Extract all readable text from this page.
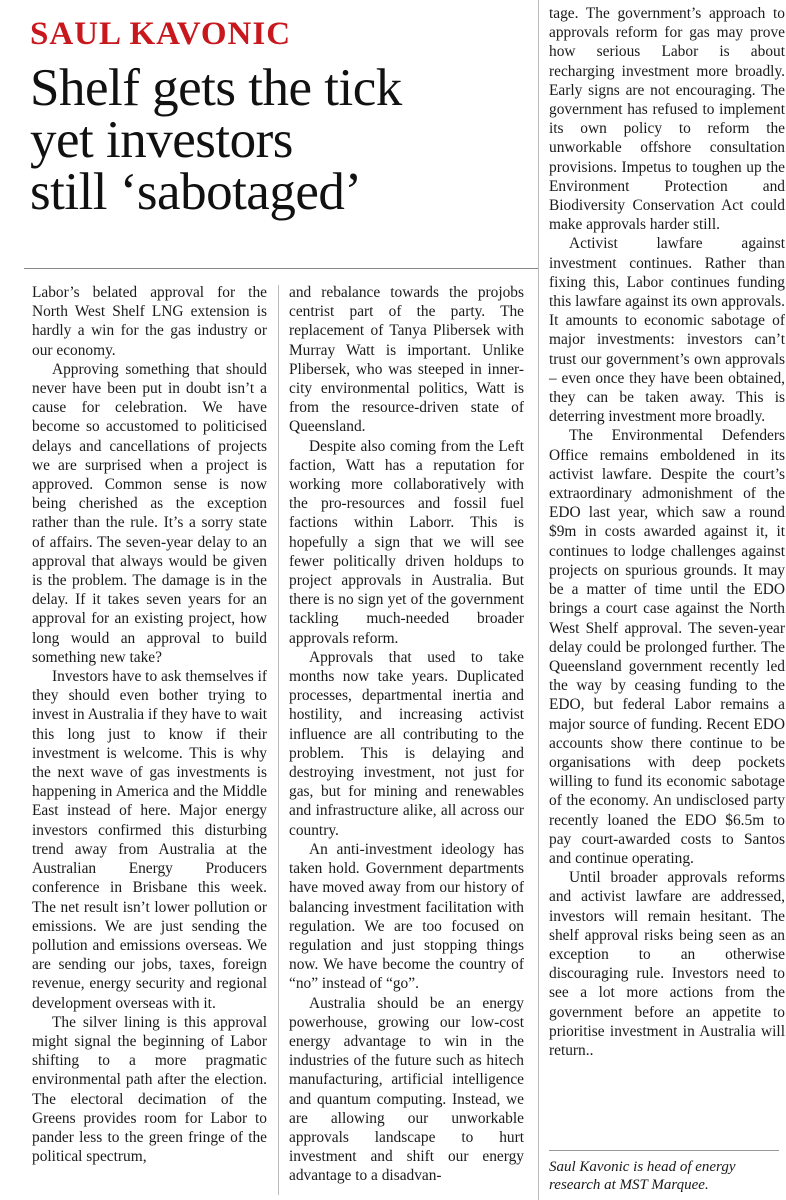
SAUL KAVONIC
Shelf gets the tick
yet investors
still ‘sabotaged’

Labor’s belated approval for the North West Shelf LNG extension is hardly a win for the gas industry or our economy.

Approving something that should never have been put in doubt isn’t a cause for celebration. We have become so accustomed to politicised delays and cancellations of projects we are surprised when a project is approved. Common sense is now being cherished as the exception rather than the rule. It’s a sorry state of affairs. The seven-year delay to an approval that always would be given is the problem. The damage is in the delay. If it takes seven years for an approval for an existing project, how long would an approval to build something new take?

Investors have to ask themselves if they should even bother trying to invest in Australia if they have to wait this long just to know if their investment is welcome. This is why the next wave of gas investments is happening in America and the Middle East instead of here. Major energy investors confirmed this disturbing trend away from Australia at the Australian Energy Producers conference in Brisbane this week. The net result isn’t lower pollution or emissions. We are just sending the pollution and emissions overseas. We are sending our jobs, taxes, foreign revenue, energy security and regional development overseas with it.

The silver lining is this approval might signal the beginning of Labor shifting to a more pragmatic environmental path after the election. The electoral decimation of the Greens provides room for Labor to pander less to the green fringe of the political spectrum,

and rebalance towards the projobs centrist part of the party. The replacement of Tanya Plibersek with Murray Watt is important. Unlike Plibersek, who was steeped in inner-city environmental politics, Watt is from the resource-driven state of Queensland.

Despite also coming from the Left faction, Watt has a reputation for working more collaboratively with the pro-resources and fossil fuel factions within Laborr. This is hopefully a sign that we will see fewer politically driven holdups to project approvals in Australia. But there is no sign yet of the government tackling much-needed broader approvals reform.

Approvals that used to take months now take years. Duplicated processes, departmental inertia and hostility, and increasing activist influence are all contributing to the problem. This is delaying and destroying investment, not just for gas, but for mining and renewables and infrastructure alike, all across our country.

An anti-investment ideology has taken hold. Government departments have moved away from our history of balancing investment facilitation with regulation. We are too focused on regulation and just stopping things now. We have become the country of “no” instead of “go”.

Australia should be an energy powerhouse, growing our low-cost energy advantage to win in the industries of the future such as hitech manufacturing, artificial intelligence and quantum computing. Instead, we are allowing our unworkable approvals landscape to hurt investment and shift our energy advantage to a disadvan-

tage. The government’s approach to approvals reform for gas may prove how serious Labor is about recharging investment more broadly. Early signs are not encouraging. The government has refused to implement its own policy to reform the unworkable offshore consultation provisions. Impetus to toughen up the Environment Protection and Biodiversity Conservation Act could make approvals harder still.

Activist lawfare against investment continues. Rather than fixing this, Labor continues funding this lawfare against its own approvals. It amounts to economic sabotage of major investments: investors can’t trust our government’s own approvals – even once they have been obtained, they can be taken away. This is deterring investment more broadly.

The Environmental Defenders Office remains emboldened in its activist lawfare. Despite the court’s extraordinary admonishment of the EDO last year, which saw a round $9m in costs awarded against it, it continues to lodge challenges against projects on spurious grounds. It may be a matter of time until the EDO brings a court case against the North West Shelf approval. The seven-year delay could be prolonged further. The Queensland government recently led the way by ceasing funding to the EDO, but federal Labor remains a major source of funding. Recent EDO accounts show there continue to be organisations with deep pockets willing to fund its economic sabotage of the economy. An undisclosed party recently loaned the EDO $6.5m to pay court-awarded costs to Santos and continue operating.

Until broader approvals reforms and activist lawfare are addressed, investors will remain hesitant. The shelf approval risks being seen as an exception to an otherwise discouraging rule. Investors need to see a lot more actions from the government before an appetite to prioritise investment in Australia will return..

Saul Kavonic is head of energy research at MST Marquee.
